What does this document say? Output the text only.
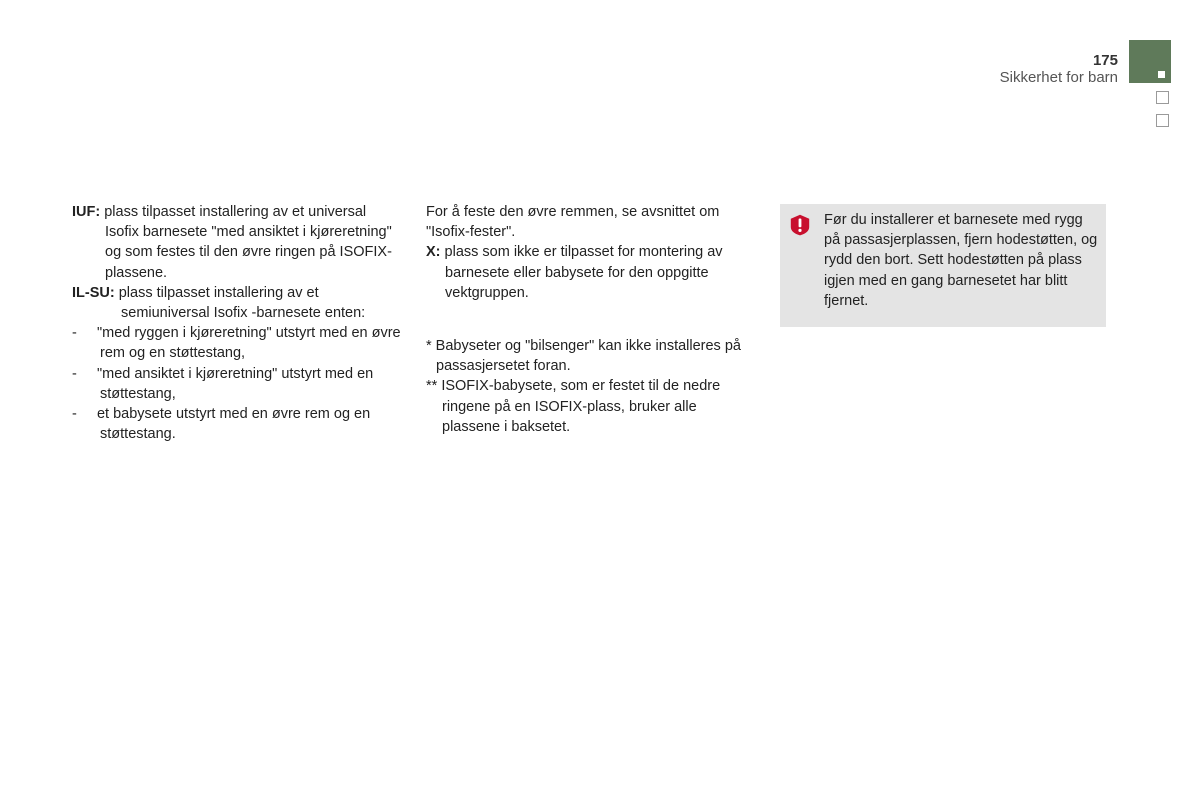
175
Sikkerhet for barn

IUF: plass tilpasset installering av et universal Isofix barnesete "med ansiktet i kjøreretning" og som festes til den øvre ringen på ISOFIX-plassene.

IL-SU: plass tilpasset installering av et semiuniversal Isofix -barnesete enten:

-     "med ryggen i kjøreretning" utstyrt med en øvre rem og en støttestang,

-     "med ansiktet i kjøreretning" utstyrt med en støttestang,

-     et babysete utstyrt med en øvre rem og en støttestang.

For å feste den øvre remmen, se avsnittet om "Isofix-fester".

X: plass som ikke er tilpasset for montering av barnesete eller babysete for den oppgitte vektgruppen.

* Babyseter og "bilsenger" kan ikke installeres på passasjersetet foran.

** ISOFIX-babysete, som er festet til de nedre ringene på en ISOFIX-plass, bruker alle plassene i baksetet.

Før du installerer et barnesete med rygg på passasjerplassen, fjern hodestøtten, og rydd den bort. Sett hodestøtten på plass igjen med en gang barnesetet har blitt fjernet.
